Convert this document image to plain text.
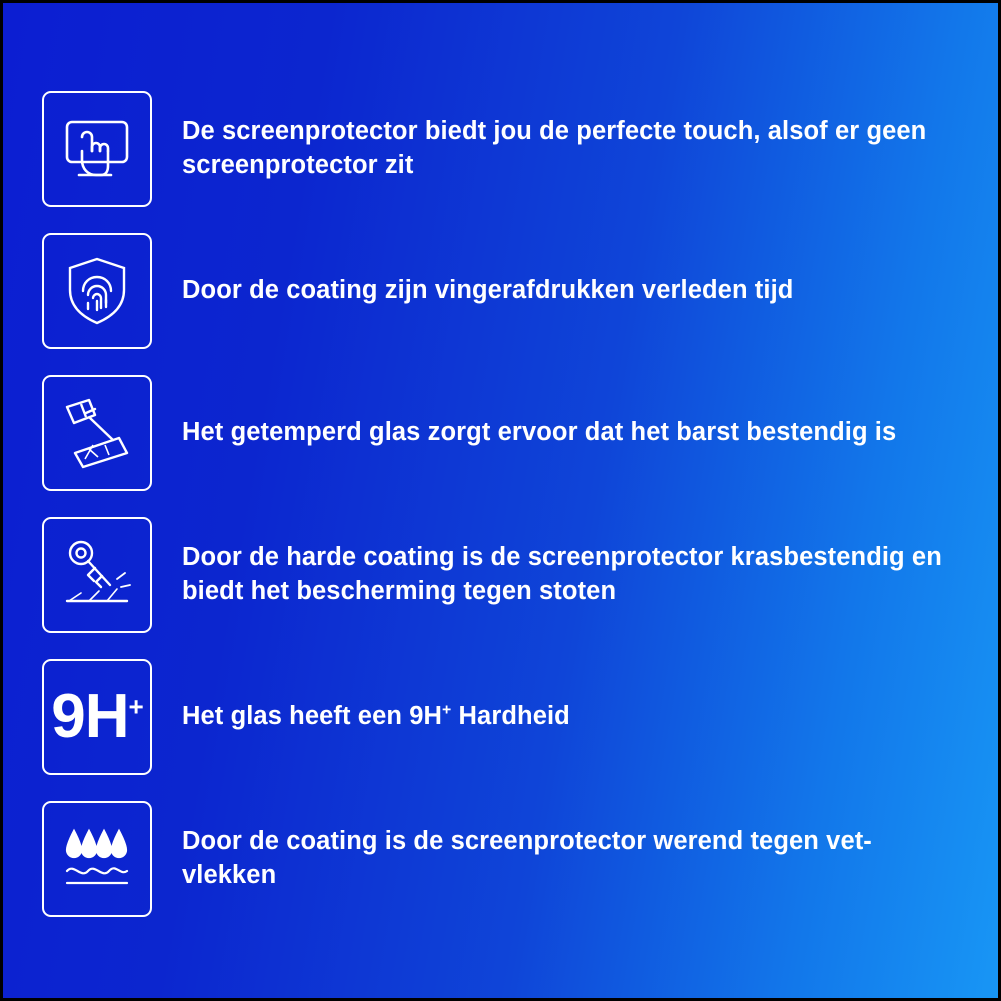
De screenprotector biedt jou de perfecte touch, alsof er geen screenprotector zit
Door de coating zijn vingerafdrukken verleden tijd
Het getemperd glas zorgt ervoor dat het barst bestendig is
Door de harde coating is de screenprotector krasbestendig en biedt het bescherming tegen stoten
9H+ Het glas heeft een 9H+ Hardheid
Door de coating is de screenprotector werend tegen vet-vlekken
